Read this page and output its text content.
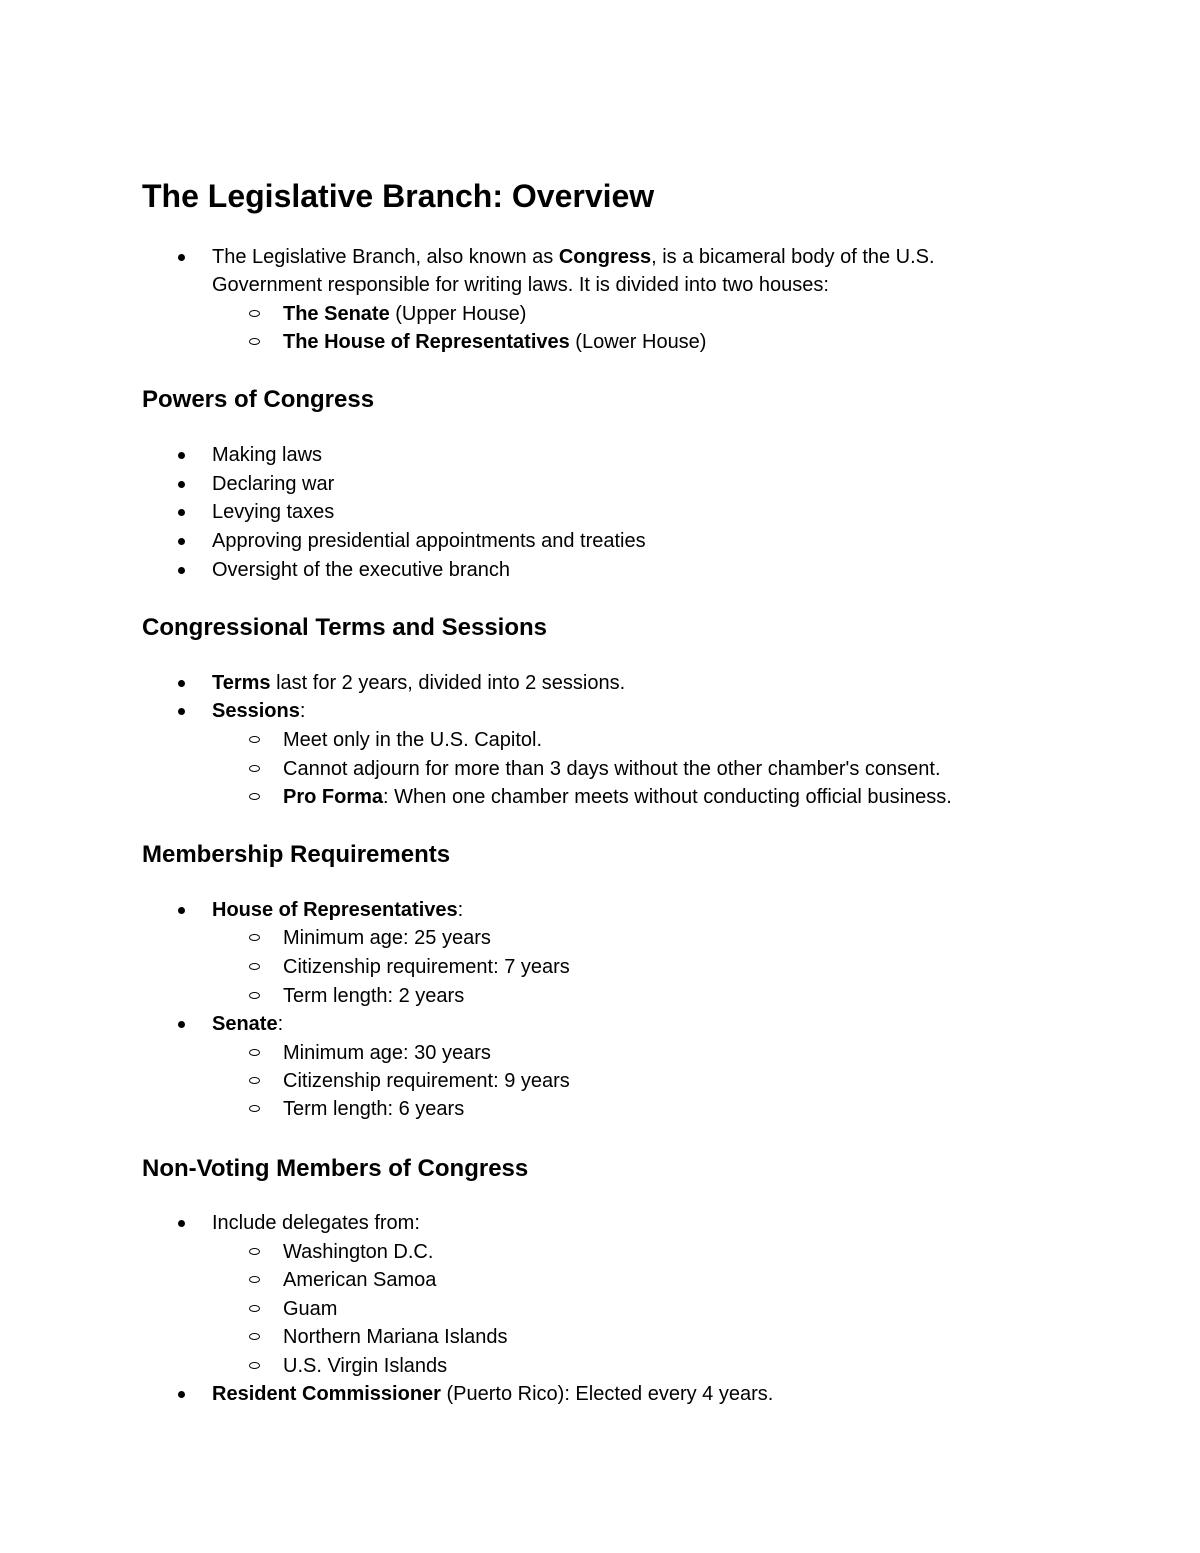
The Legislative Branch: Overview
The Legislative Branch, also known as Congress, is a bicameral body of the U.S.
Government responsible for writing laws. It is divided into two houses:
The Senate (Upper House)
The House of Representatives (Lower House)
Powers of Congress
Making laws
Declaring war
Levying taxes
Approving presidential appointments and treaties
Oversight of the executive branch
Congressional Terms and Sessions
Terms last for 2 years, divided into 2 sessions.
Sessions:
Meet only in the U.S. Capitol.
Cannot adjourn for more than 3 days without the other chamber's consent.
Pro Forma: When one chamber meets without conducting official business.
Membership Requirements
House of Representatives:
Minimum age: 25 years
Citizenship requirement: 7 years
Term length: 2 years
Senate:
Minimum age: 30 years
Citizenship requirement: 9 years
Term length: 6 years
Non-Voting Members of Congress
Include delegates from:
Washington D.C.
American Samoa
Guam
Northern Mariana Islands
U.S. Virgin Islands
Resident Commissioner (Puerto Rico): Elected every 4 years.
